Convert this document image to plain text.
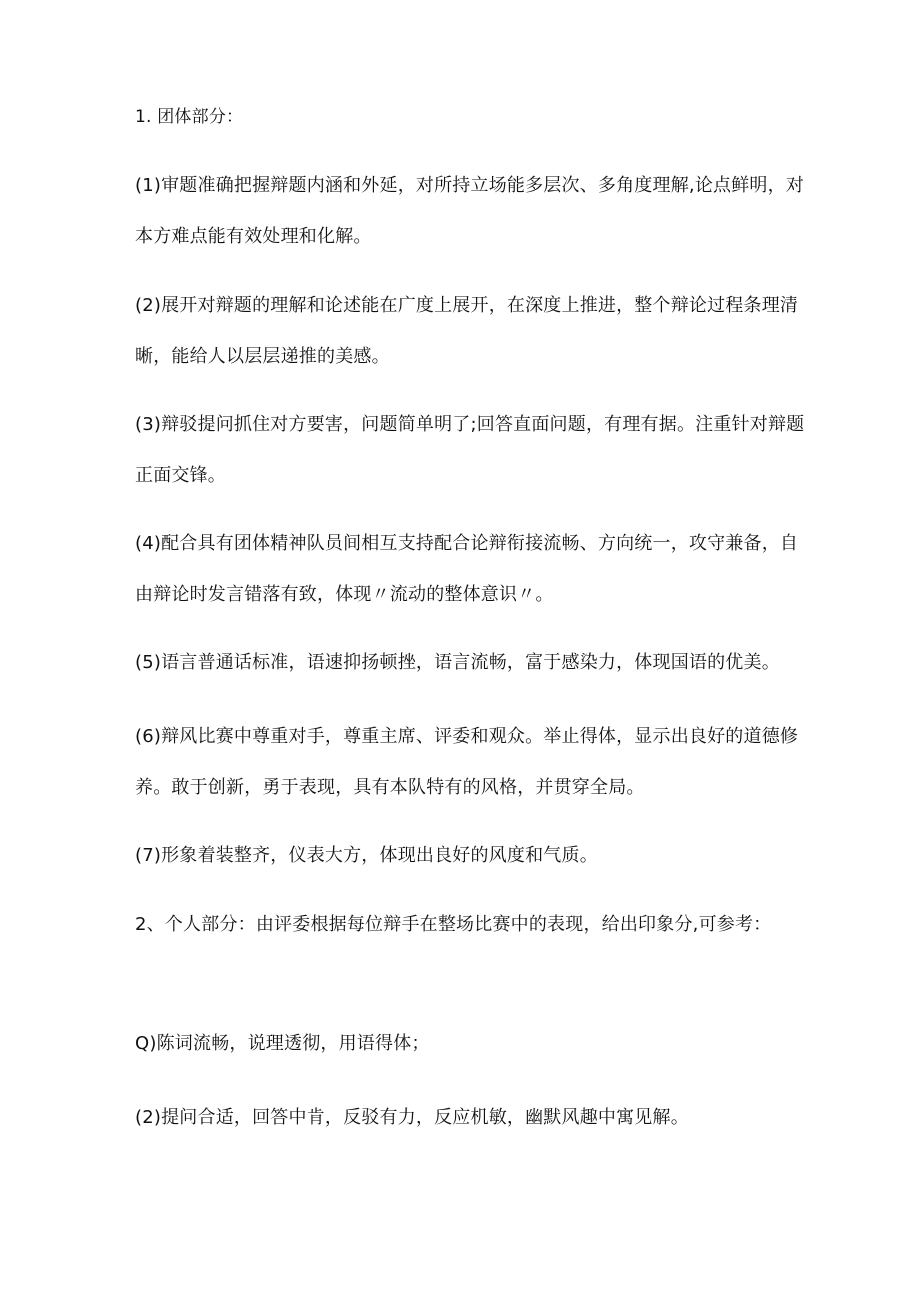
1. 团体部分：

(1)审题准确把握辩题内涵和外延，对所持立场能多层次、多角度理解,论点鲜明，对本方难点能有效处理和化解。

(2)展开对辩题的理解和论述能在广度上展开，在深度上推进，整个辩论过程条理清晰，能给人以层层递推的美感。

(3)辩驳提问抓住对方要害，问题简单明了;回答直面问题，有理有据。注重针对辩题正面交锋。

(4)配合具有团体精神队员间相互支持配合论辩衔接流畅、方向统一，攻守兼备，自由辩论时发言错落有致，体现〃流动的整体意识〃。

(5)语言普通话标准，语速抑扬顿挫，语言流畅，富于感染力，体现国语的优美。

(6)辩风比赛中尊重对手，尊重主席、评委和观众。举止得体，显示出良好的道德修养。敢于创新，勇于表现，具有本队特有的风格，并贯穿全局。

(7)形象着装整齐，仪表大方，体现出良好的风度和气质。

2、个人部分：由评委根据每位辩手在整场比赛中的表现，给出印象分,可参考：

Q)陈词流畅，说理透彻，用语得体；

(2)提问合适，回答中肯，反驳有力，反应机敏，幽默风趣中寓见解。
